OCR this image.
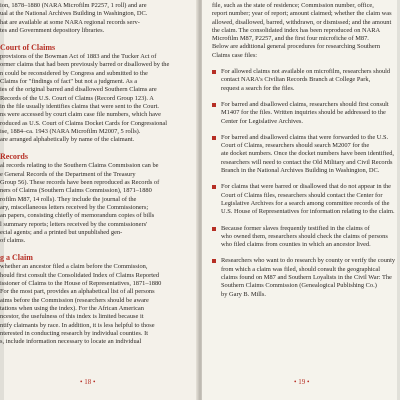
ion, 1878–1880 (NARA Microfilm P2257, 1 roll) and are
ual at the National Archives Building in Washington, DC.
hat are available at some NARA regional records serv-
tes and Government depository libraries.
Court of Claims
provisions of the Bowman Act of 1883 and the Tucker Act of
ormer claims that had been previously barred or disallowed by the
n could be reconsidered by Congress and submitted to the
Claims for "findings of fact" but not a judgment. As a
ies of the original barred and disallowed Southern Claims are
Records of the U.S. Court of Claims (Record Group 123). A
in the file usually identifies claims that were sent to the Court.
ns were accessed by court claim case file numbers, which have
roduced as U.S. Court of Claims Docket Cards for Congressional
ise, 1884–ca. 1943 (NARA Microfilm M2007, 5 rolls).
are arranged alphabetically by name of the claimant.
Records
al records relating to the Southern Claims Commission can be
e General Records of the Department of the Treasury
Group 56). These records have been reproduced as Records of
ners of Claims (Southern Claims Commission), 1871–1880
rofilm M87, 14 rolls). They include the journal of the
ary, miscellaneous letters received by the Commissioners;
an papers, consisting chiefly of memorandum copies of bills
l summary reports; letters received by the commissioners'
ecial agents; and a printed but unpublished gen-
of claims.
g a Claim
whether an ancestor filed a claim before the Commission,
hould first consult the Consolidated Index of Claims Reported
issioner of Claims to the House of Representatives, 1871–1880
For the most part, provides an alphabetical list of all persons
aims before the Commission (researchers should be aware
tations when using the index). For the African American
ncestor, the usefulness of this index is limited because it
ntify claimants by race. In addition, it is less helpful to those
nterested in conducting research by individual counties. It
s, include information necessary to locate an individual
• 18 •
file, such as the state of residence; Commission number, office,
report number; year of report; amount claimed; whether the claim was
allowed, disallowed, barred, withdrawn, or dismissed; and the amount
the claim. The consolidated index has been reproduced on NARA
Microfilm M87, P2257, and the first four microfiche of M87.
Below are additional general procedures for researching Southern
Claims case files:
For allowed claims not available on microfilm, researchers should
contact NARA's Civilian Records Branch at College Park,
request a search for the files.
For barred and disallowed claims, researchers should first consult
M1407 for the files. Written inquiries should be addressed to the
Center for Legislative Archives.
For barred and disallowed claims that were forwarded to the U.S.
Court of Claims, researchers should search M2007 for the
ate docket numbers. Once the docket numbers have been identified,
researchers will need to contact the Old Military and Civil Records
Branch in the National Archives Building in Washington, DC.
For claims that were barred or disallowed that do not appear in the
Court of Claims files, researchers should contact the Center for
Legislative Archives for a search among committee records of the
U.S. House of Representatives for information relating to the claim.
Because former slaves frequently testified in the claims of
who owned them, researchers should check the claims of persons
who filed claims from counties in which an ancestor lived.
Researchers who want to do research by county or verify the county
from which a claim was filed, should consult the geographical
claims found on M87 and Southern Loyalists in the Civil War: The
Southern Claims Commission (Genealogical Publishing Co.)
by Gary B. Mills.
• 19 •
